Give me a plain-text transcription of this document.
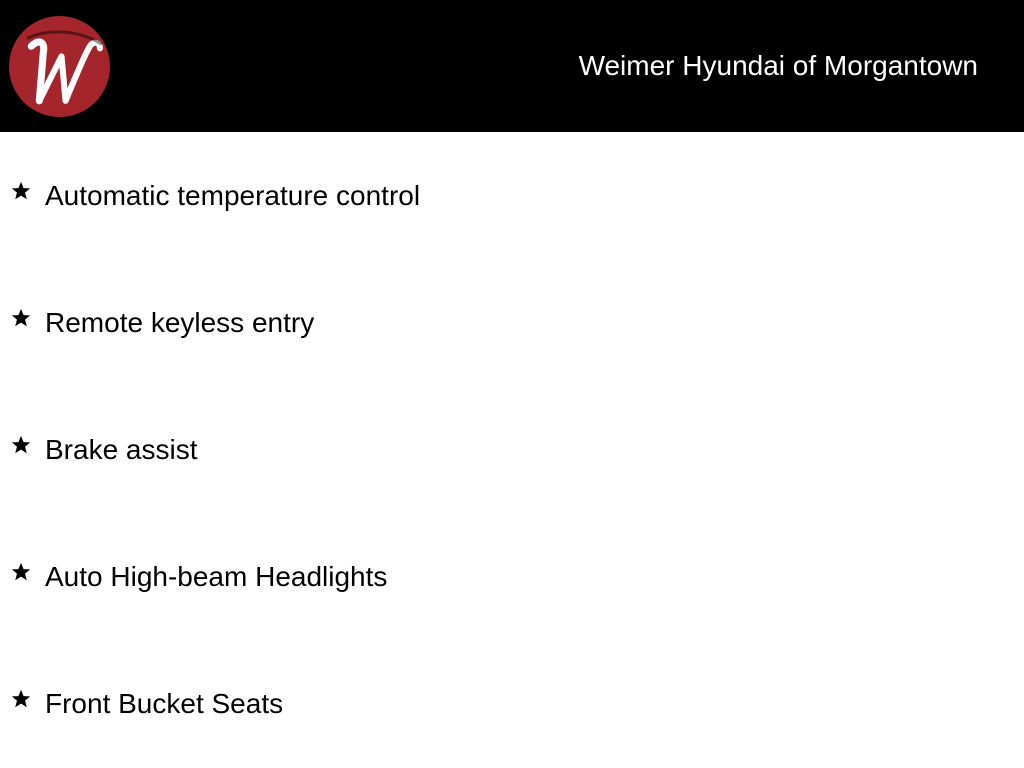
Weimer Hyundai of Morgantown
Automatic temperature control
Remote keyless entry
Brake assist
Auto High-beam Headlights
Front Bucket Seats
